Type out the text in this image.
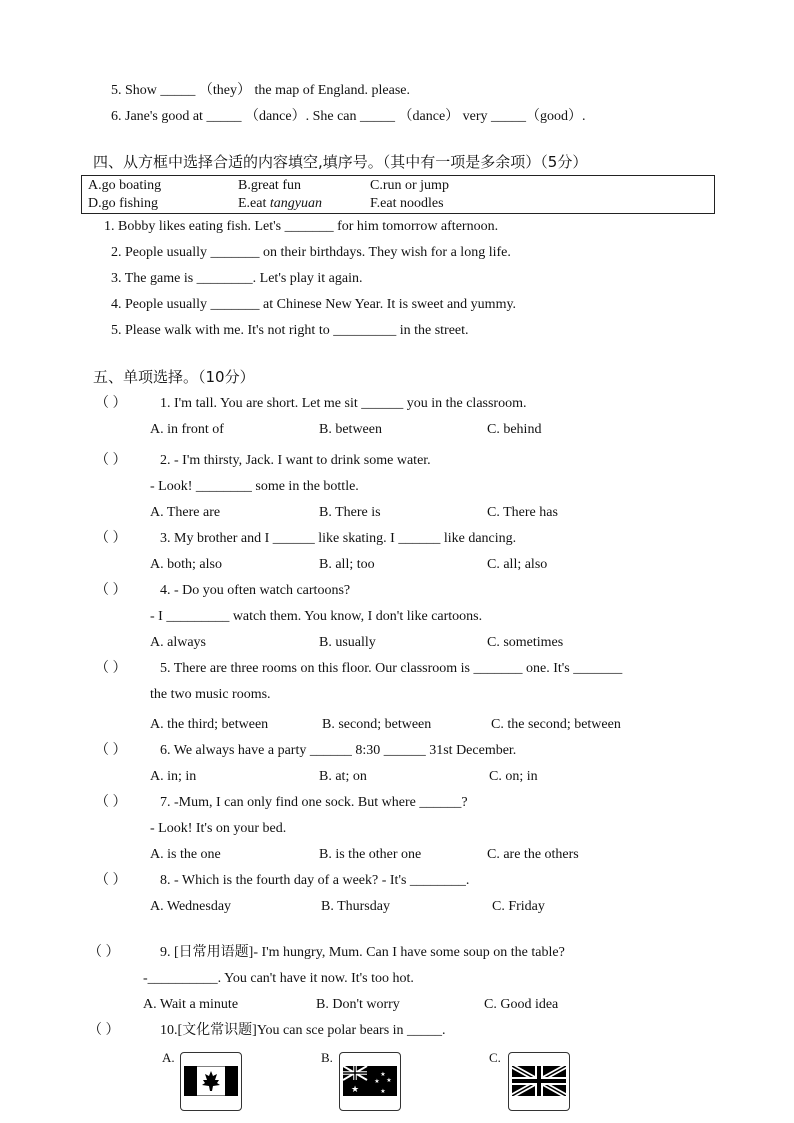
5. Show _____ （they） the map of England. please.
6. Jane's good at _____ （dance）. She can _____ （dance） very _____（good）.
四、从方框中选择合适的内容填空,填序号。（其中有一项是多余项）（5分）
A.go boating	B.great fun	C.run or jump
D.go fishing	E.eat tangyuan	F.eat noodles
1. Bobby likes eating fish. Let's _______ for him tomorrow afternoon.
2. People usually _______ on their birthdays. They wish for a long life.
3. The game is ________. Let's play it again.
4. People usually _______ at Chinese New Year. It is sweet and yummy.
5. Please walk with me. It's not right to _________ in the street.
五、单项选择。（10分）
（ ） 1. I'm tall. You are short. Let me sit ______ you in the classroom.
A. in front of	B. between	C. behind
（ ） 2. - I'm thirsty, Jack. I want to drink some water.
- Look! ________ some in the bottle.
A. There are	B. There is	C. There has
（ ） 3. My brother and I ______ like skating. I ______ like dancing.
A. both; also	B. all; too	C. all; also
（ ） 4. - Do you often watch cartoons?
- I _________ watch them. You know, I don't like cartoons.
A. always	B. usually	C. sometimes
（ ） 5. There are three rooms on this floor. Our classroom is _______ one. It's _______
the two music rooms.
A. the third; between	B. second; between	C. the second; between
（ ） 6. We always have a party ______ 8:30 ______ 31st December.
A. in; in	B. at; on	C. on; in
（ ） 7. -Mum, I can only find one sock. But where ______?
- Look! It's on your bed.
A. is the one	B. is the other one	C. are the others
（ ） 8. - Which is the fourth day of a week? - It's ________.
A. Wednesday	B. Thursday	C. Friday
（ ）	9. [日常用语题]- I'm hungry, Mum. Can I have some soup on the table?
-__________. You can't have it now. It's too hot.
A. Wait a minute	B. Don't worry	C. Good idea
（ ）	10.[文化常识题]You can sce polar bears in _____.
A.	B.
★
★
★ ★
★
C.
